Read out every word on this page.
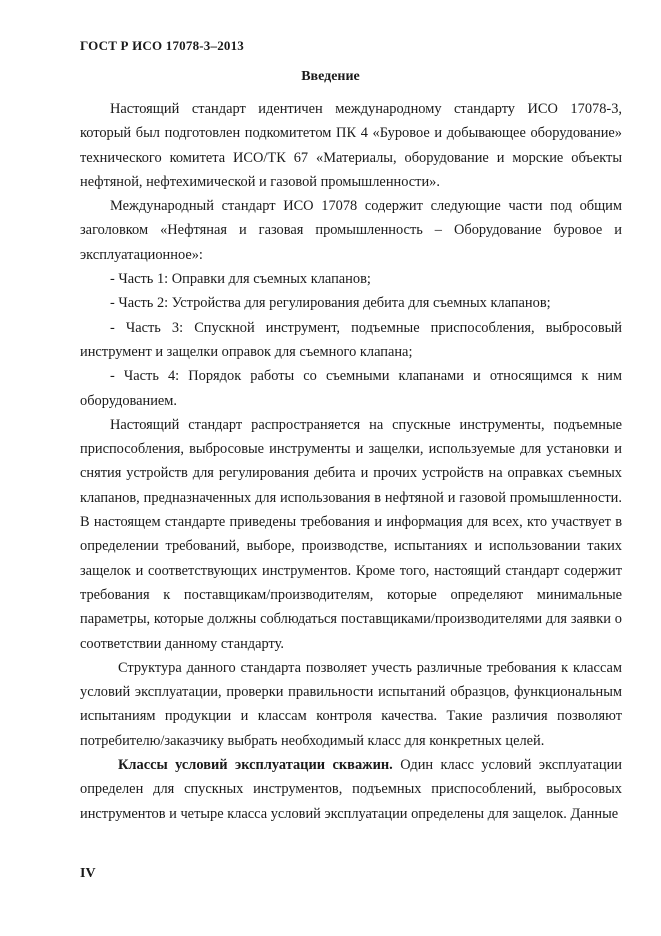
ГОСТ Р ИСО 17078-3–2013
Введение

Настоящий стандарт идентичен международному стандарту ИСО 17078-3, который был подготовлен подкомитетом ПК 4 «Буровое и добывающее оборудование» технического комитета ИСО/ТК 67 «Материалы, оборудование и морские объекты нефтяной, нефтехимической и газовой промышленности».

Международный стандарт ИСО 17078 содержит следующие части под общим заголовком «Нефтяная и газовая промышленность – Оборудование буровое и эксплуатационное»:

- Часть 1: Оправки для съемных клапанов;

- Часть 2: Устройства для регулирования дебита для съемных клапанов;

- Часть 3: Спускной инструмент, подъемные приспособления, выбросовый инструмент и защелки оправок для съемного клапана;

- Часть 4: Порядок работы со съемными клапанами и относящимся к ним оборудованием.

Настоящий стандарт распространяется на спускные инструменты, подъемные приспособления, выбросовые инструменты и защелки, используемые для установки и снятия устройств для регулирования дебита и прочих устройств на оправках съемных клапанов, предназначенных для использования в нефтяной и газовой промышленности. В настоящем стандарте приведены требования и информация для всех, кто участвует в определении требований, выборе, производстве, испытаниях и использовании таких защелок и соответствующих инструментов. Кроме того, настоящий стандарт содержит требования к поставщикам/производителям, которые определяют минимальные параметры, которые должны соблюдаться поставщиками/производителями для заявки о соответствии данному стандарту.

Структура данного стандарта позволяет учесть различные требования к классам условий эксплуатации, проверки правильности испытаний образцов, функциональным испытаниям продукции и классам контроля качества. Такие различия позволяют потребителю/заказчику выбрать необходимый класс для конкретных целей.

Классы условий эксплуатации скважин. Один класс условий эксплуатации определен для спускных инструментов, подъемных приспособлений, выбросовых инструментов и четыре класса условий эксплуатации определены для защелок. Данные

IV
